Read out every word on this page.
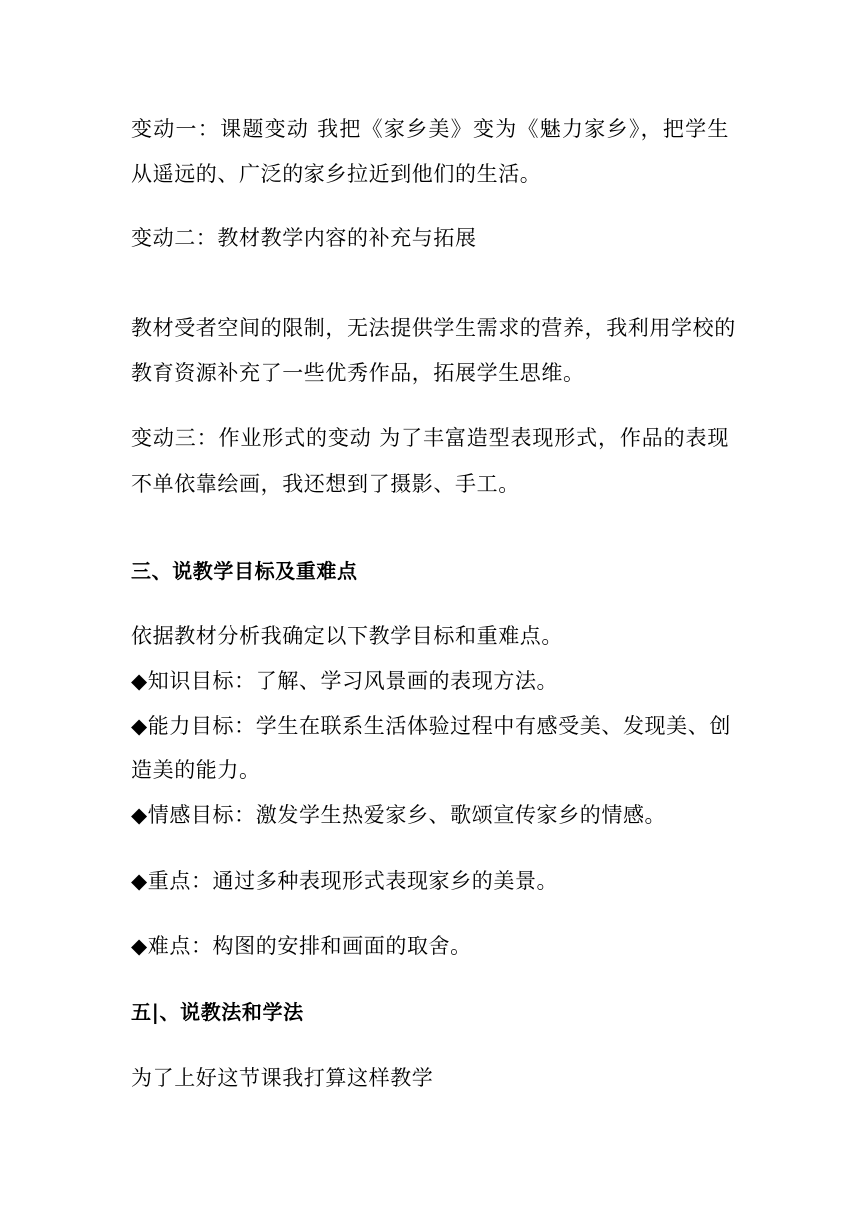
变动一：课题变动 我把《家乡美》变为《魅力家乡》，把学生
从遥远的、广泛的家乡拉近到他们的生活。
变动二：教材教学内容的补充与拓展
教材受者空间的限制，无法提供学生需求的营养，我利用学校的
教育资源补充了一些优秀作品，拓展学生思维。
变动三：作业形式的变动 为了丰富造型表现形式，作品的表现
不单依靠绘画，我还想到了摄影、手工。
三、说教学目标及重难点
依据教材分析我确定以下教学目标和重难点。
◆知识目标：了解、学习风景画的表现方法。
◆能力目标：学生在联系生活体验过程中有感受美、发现美、创
造美的能力。
◆情感目标：激发学生热爱家乡、歌颂宣传家乡的情感。
◆重点：通过多种表现形式表现家乡的美景。
◆难点：构图的安排和画面的取舍。
五|、说教法和学法
为了上好这节课我打算这样教学
